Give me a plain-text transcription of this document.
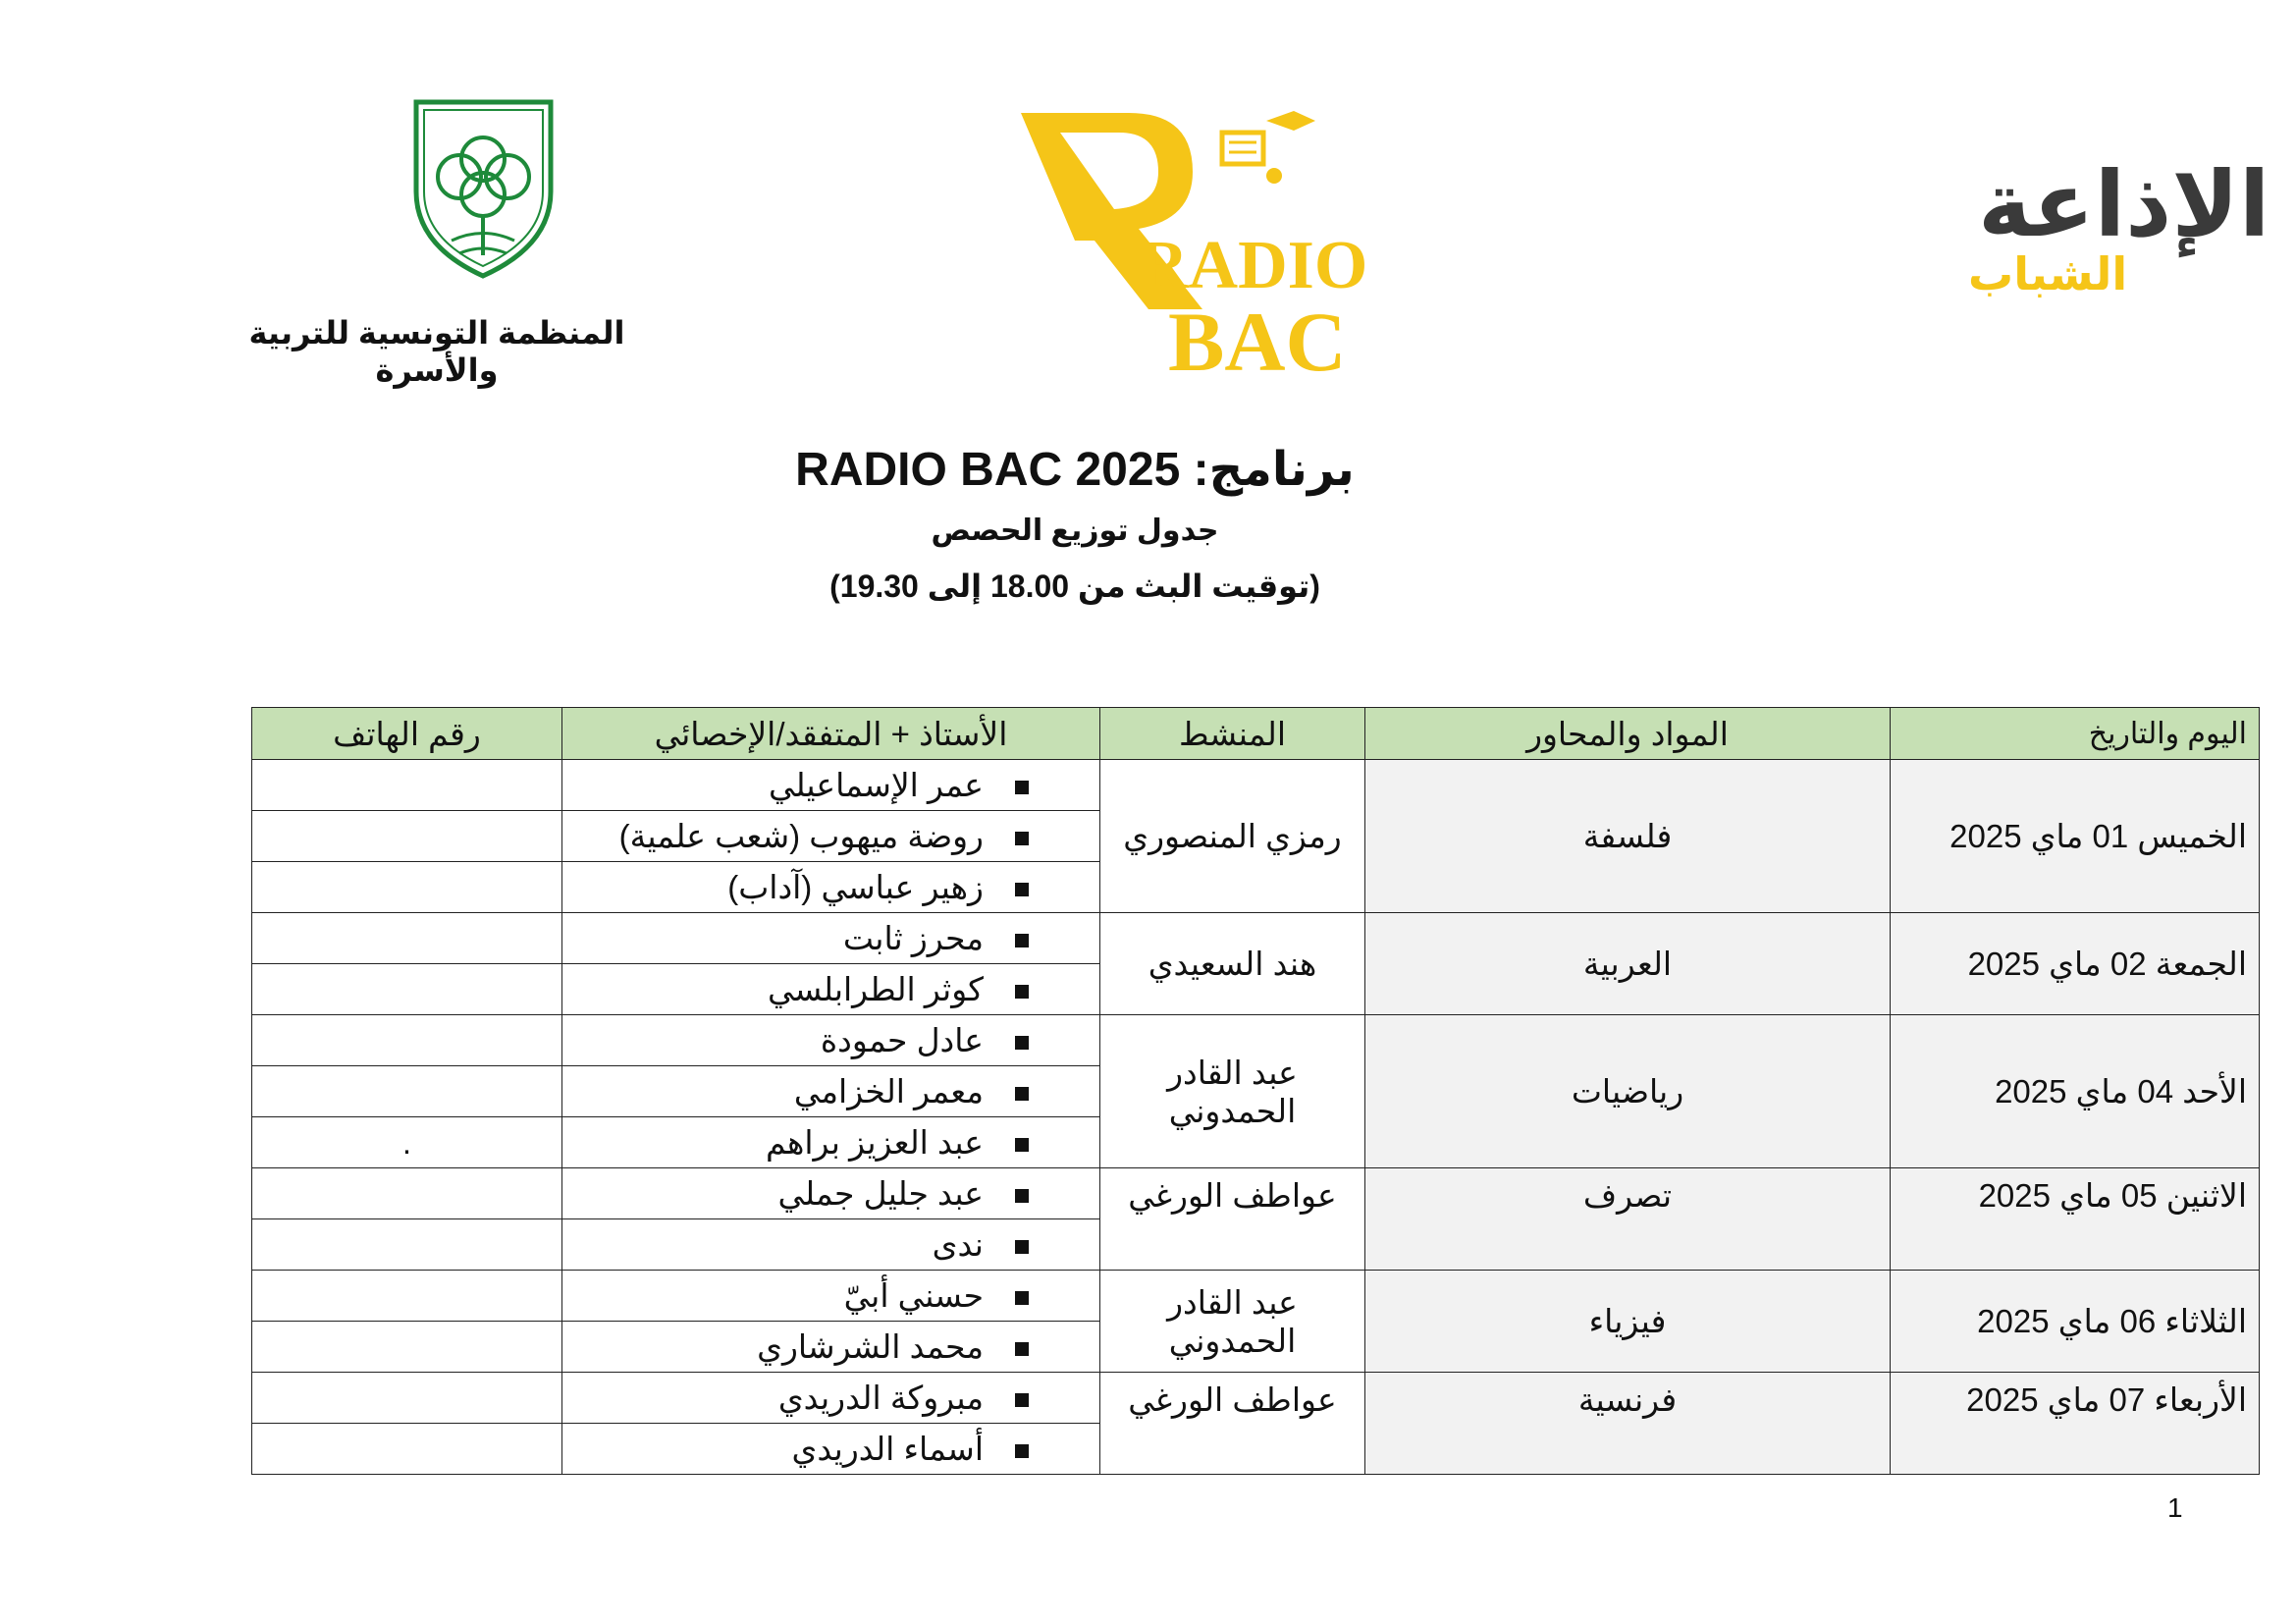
المنظمة التونسية للتربية والأسرة
RADIO
BAC
الإذاعة
الشباب
برنامج: RADIO BAC 2025
جدول توزيع الحصص
(توقيت البث من 18.00 إلى 19.30)
اليوم والتاريخ	المواد والمحاور	المنشط	الأستاذ + المتفقد/الإخصائي	رقم الهاتف
الخميس 01 ماي 2025	فلسفة	رمزي المنصوري	عمر الإسماعيلي	
			روضة ميهوب (شعب علمية)	
			زهير عباسي (آداب)	
الجمعة 02 ماي 2025	العربية	هند السعيدي	محرز ثابت	
			كوثر الطرابلسي	
الأحد 04 ماي 2025	رياضيات	عبد القادر الحمدوني	عادل حمودة	
			معمر الخزامي	
			عبد العزيز براهم	.
الاثنين 05 ماي 2025	تصرف	عواطف الورغي	عبد جليل جملي	
			ندى	
الثلاثاء 06 ماي 2025	فيزياء	عبد القادر الحمدوني	حسني أبيّ	
			محمد الشرشاري	
الأربعاء 07 ماي 2025	فرنسية	عواطف الورغي	مبروكة الدريدي	
			أسماء الدريدي	
1
